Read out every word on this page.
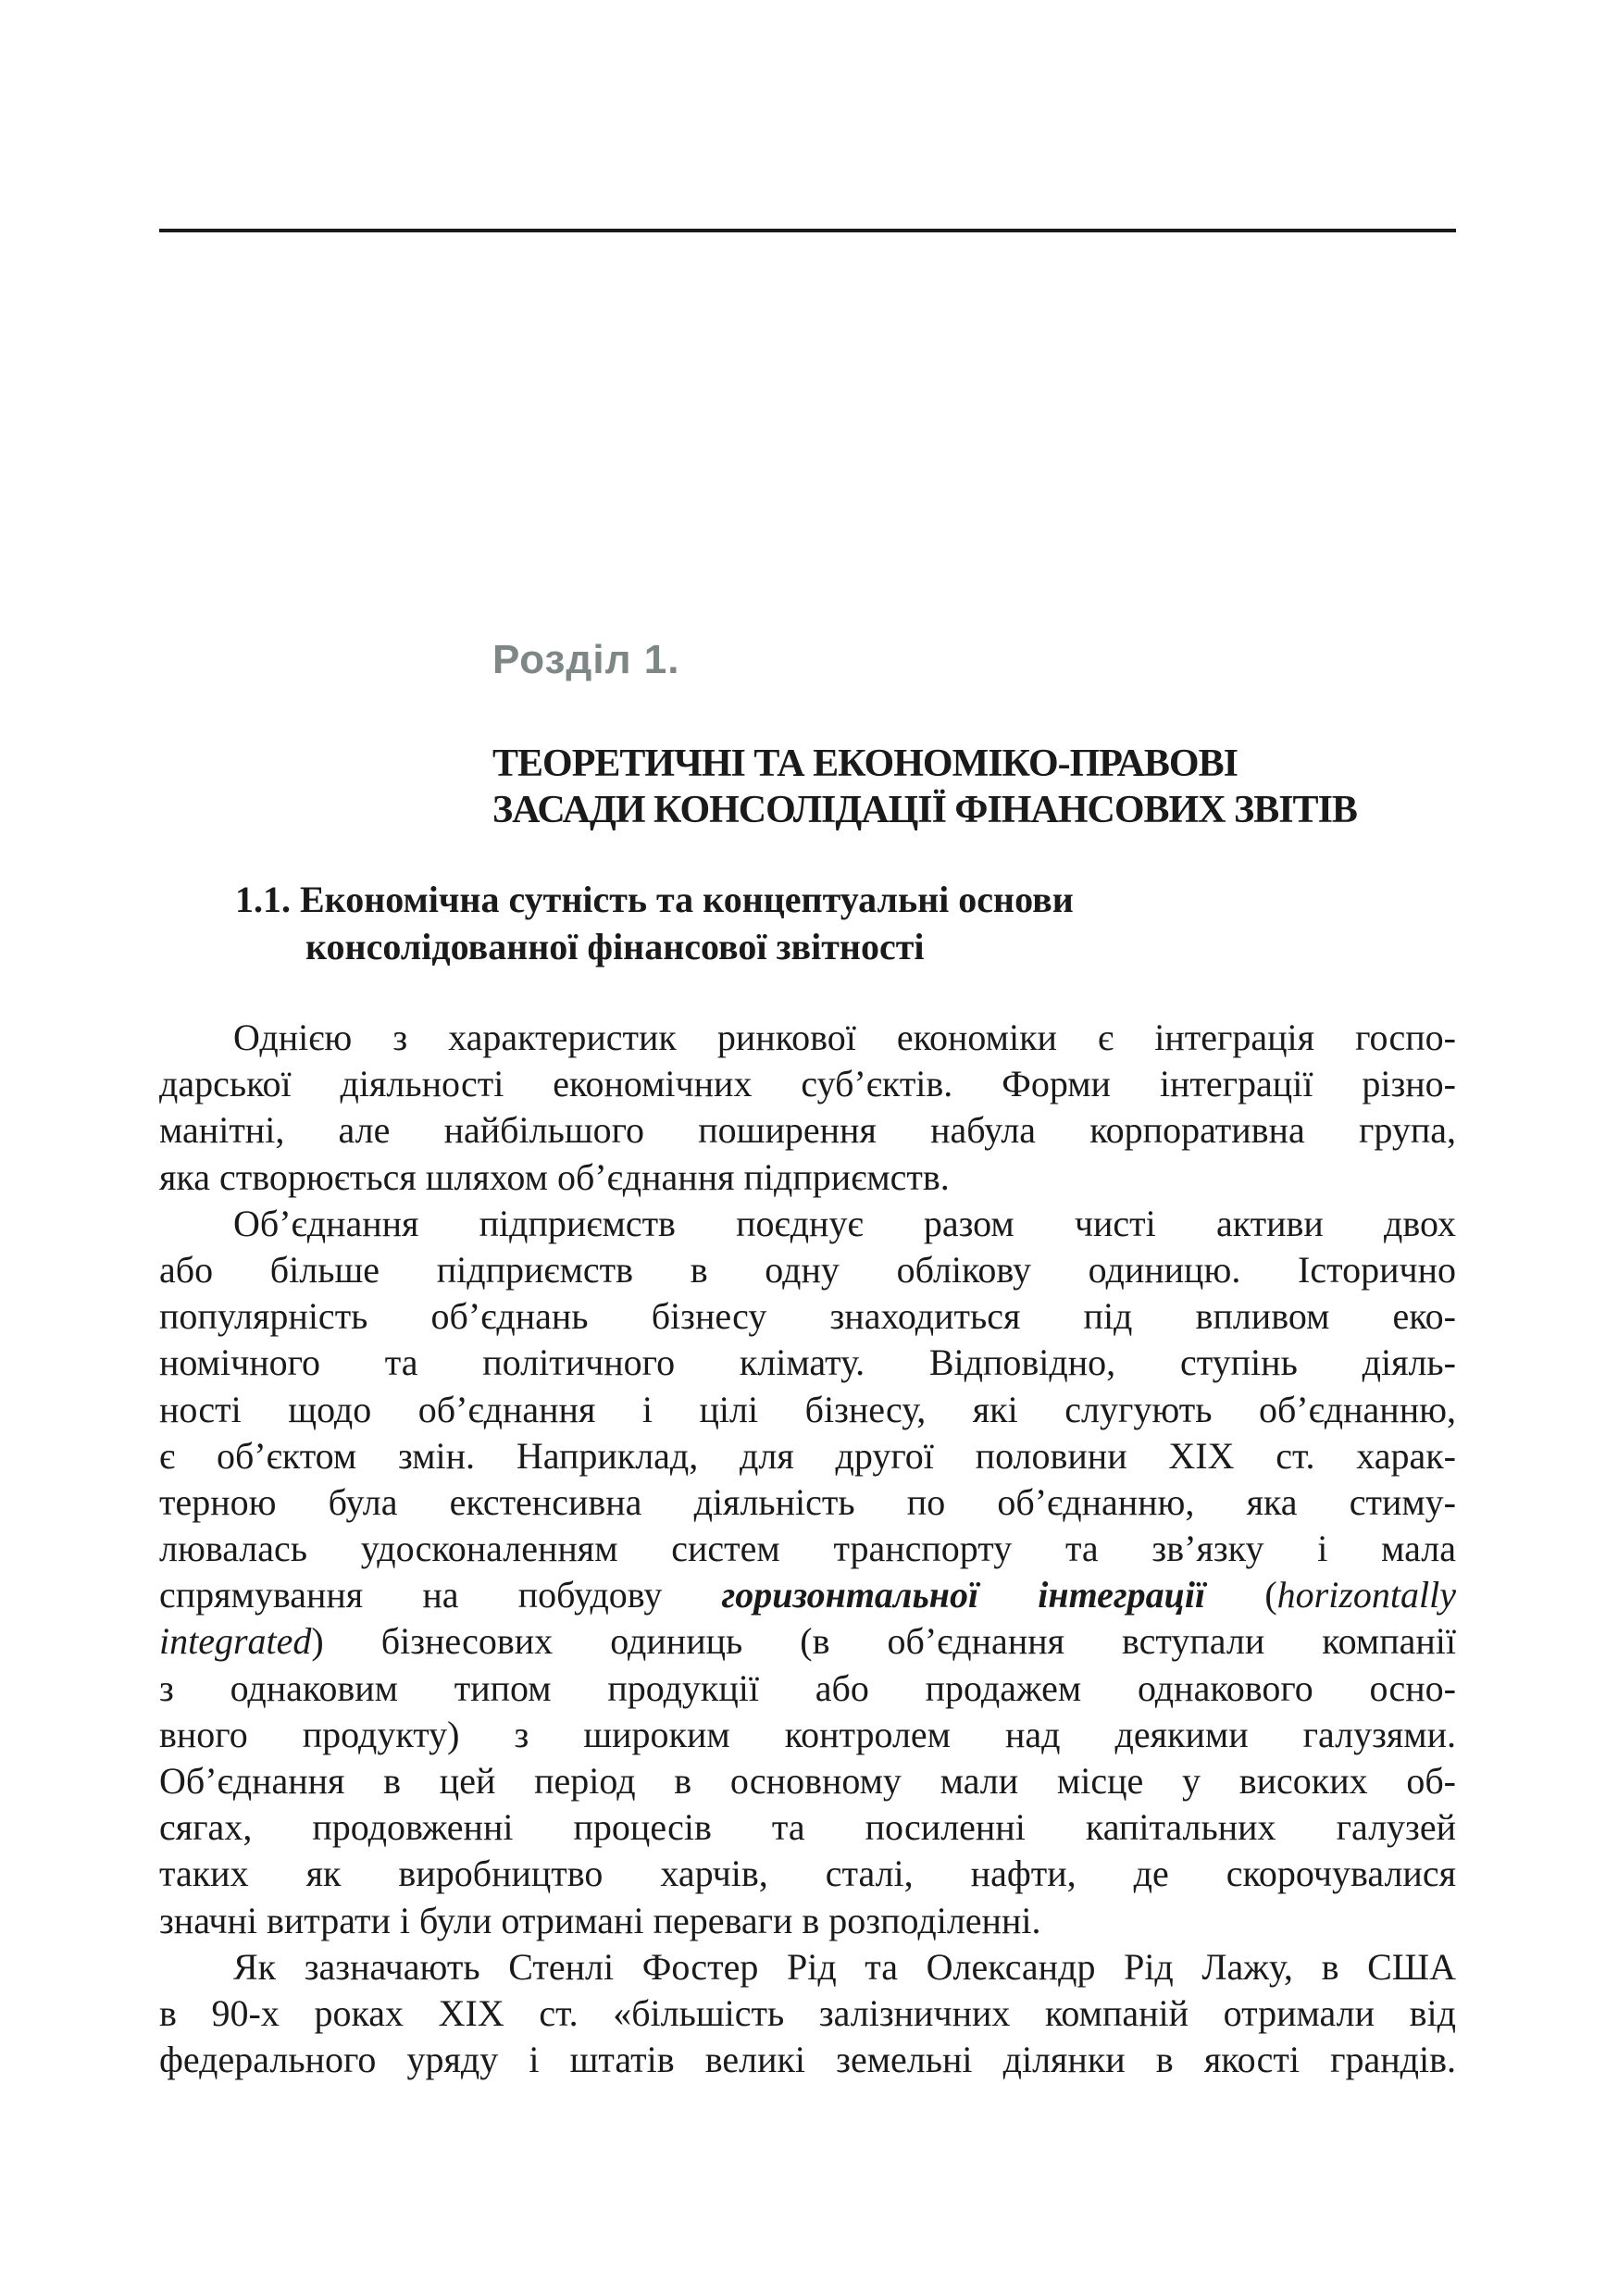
Розділ 1.
ТЕОРЕТИЧНІ ТА ЕКОНОМІКО-ПРАВОВІ
ЗАСАДИ КОНСОЛІДАЦІЇ ФІНАНСОВИХ ЗВІТІВ
1.1. Економічна сутність та концептуальні основи
консолідованної фінансової звітності
Однією з характеристик ринкової економіки є інтеграція госпо-
дарської діяльності економічних суб’єктів. Форми інтеграції різно-
манітні, але найбільшого поширення набула корпоративна група,
яка створюється шляхом об’єднання підприємств.
Об’єднання підприємств поєднує разом чисті активи двох
або більше підприємств в одну облікову одиницю. Історично
популярність об’єднань бізнесу знаходиться під впливом еко-
номічного та політичного клімату. Відповідно, ступінь діяль-
ності щодо об’єднання і цілі бізнесу, які слугують об’єднанню,
є об’єктом змін. Наприклад, для другої половини ХІХ ст. харак-
терною була екстенсивна діяльність по об’єднанню, яка стиму-
лювалась удосконаленням систем транспорту та зв’язку і мала
спрямування на побудову горизонтальної інтеграції (horizontally
integrated) бізнесових одиниць (в об’єднання вступали компанії
з однаковим типом продукції або продажем однакового осно-
вного продукту) з широким контролем над деякими галузями.
Об’єднання в цей період в основному мали місце у високих об-
сягах, продовженні процесів та посиленні капітальних галузей
таких як виробництво харчів, сталі, нафти, де скорочувалися
значні витрати і були отримані переваги в розподіленні.
Як зазначають Стенлі Фостер Рід та Олександр Рід Лажу, в США
в 90-х роках ХІХ ст. «більшість залізничних компаній отримали від
федерального уряду і штатів великі земельні ділянки в якості грандів.
